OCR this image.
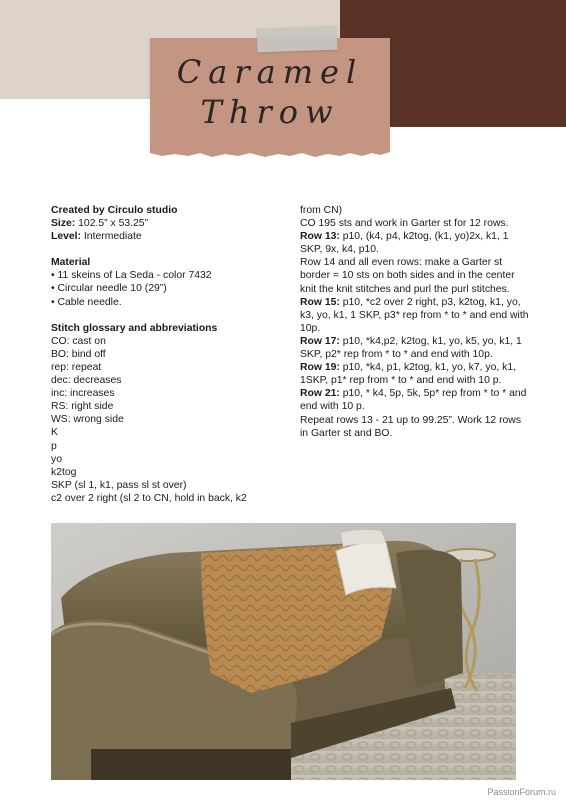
Caramel
Throw

Created by Circulo studio

Size: 102.5” x 53.25”

Level: Intermediate

Material

• 11 skeins of La Seda - color 7432

• Circular needle 10 (29”)

• Cable needle.

Stitch glossary and abbreviations

CO: cast on

BO: bind off

rep: repeat

dec: decreases

inc: increases

RS: right side

WS: wrong side

K

p

yo

k2tog

SKP (sl 1, k1, pass sl st over)

c2 over 2 right (sl 2 to CN, hold in back, k2

from CN)

CO 195 sts and work in Garter st for 12 rows.

Row 13: p10, (k4, p4, k2tog, (k1, yo)2x, k1, 1 SKP, 9x, k4, p10.

Row 14 and all even rows: make a Garter st border = 10 sts on both sides and in the center knit the knit stitches and purl the purl stitches.

Row 15: p10, *c2 over 2 right, p3, k2tog, k1, yo, k3, yo, k1, 1 SKP, p3* rep from * to * and end with 10p.

Row 17: p10, *k4,p2, k2tog, k1, yo, k5, yo, k1, 1 SKP, p2* rep from * to * and end with 10p.

Row 19: p10, *k4, p1, k2tog, k1, yo, k7, yo, k1, 1SKP, p1* rep from * to * and end with 10 p.

Row 21: p10, * k4, 5p, 5k, 5p* rep from * to * and end with 10 p.

Repeat rows 13 - 21 up to 99.25”. Work 12 rows in Garter st and BO.

PassionForum.ru
